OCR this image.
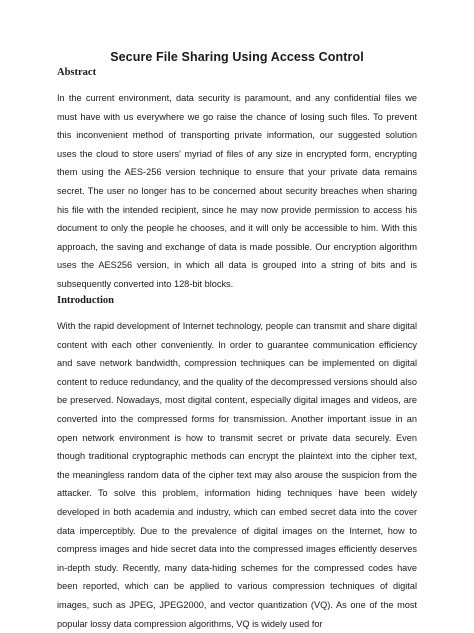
Secure File Sharing Using Access Control
Abstract

In the current environment, data security is paramount, and any confidential files we must have with us everywhere we go raise the chance of losing such files. To prevent this inconvenient method of transporting private information, our suggested solution uses the cloud to store users' myriad of files of any size in encrypted form, encrypting them using the AES-256 version technique to ensure that your private data remains secret. The user no longer has to be concerned about security breaches when sharing his file with the intended recipient, since he may now provide permission to access his document to only the people he chooses, and it will only be accessible to him. With this approach, the saving and exchange of data is made possible. Our encryption algorithm uses the AES256 version, in which all data is grouped into a string of bits and is subsequently converted into 128-bit blocks.

Introduction

With the rapid development of Internet technology, people can transmit and share digital content with each other conveniently. In order to guarantee communication efficiency and save network bandwidth, compression techniques can be implemented on digital content to reduce redundancy, and the quality of the decompressed versions should also be preserved. Nowadays, most digital content, especially digital images and videos, are converted into the compressed forms for transmission. Another important issue in an open network environment is how to transmit secret or private data securely. Even though traditional cryptographic methods can encrypt the plaintext into the cipher text, the meaningless random data of the cipher text may also arouse the suspicion from the attacker. To solve this problem, information hiding techniques have been widely developed in both academia and industry, which can embed secret data into the cover data imperceptibly. Due to the prevalence of digital images on the Internet, how to compress images and hide secret data into the compressed images efficiently deserves in-depth study. Recently, many data-hiding schemes for the compressed codes have been reported, which can be applied to various compression techniques of digital images, such as JPEG, JPEG2000, and vector quantization (VQ). As one of the most popular lossy data compression algorithms, VQ is widely used for
